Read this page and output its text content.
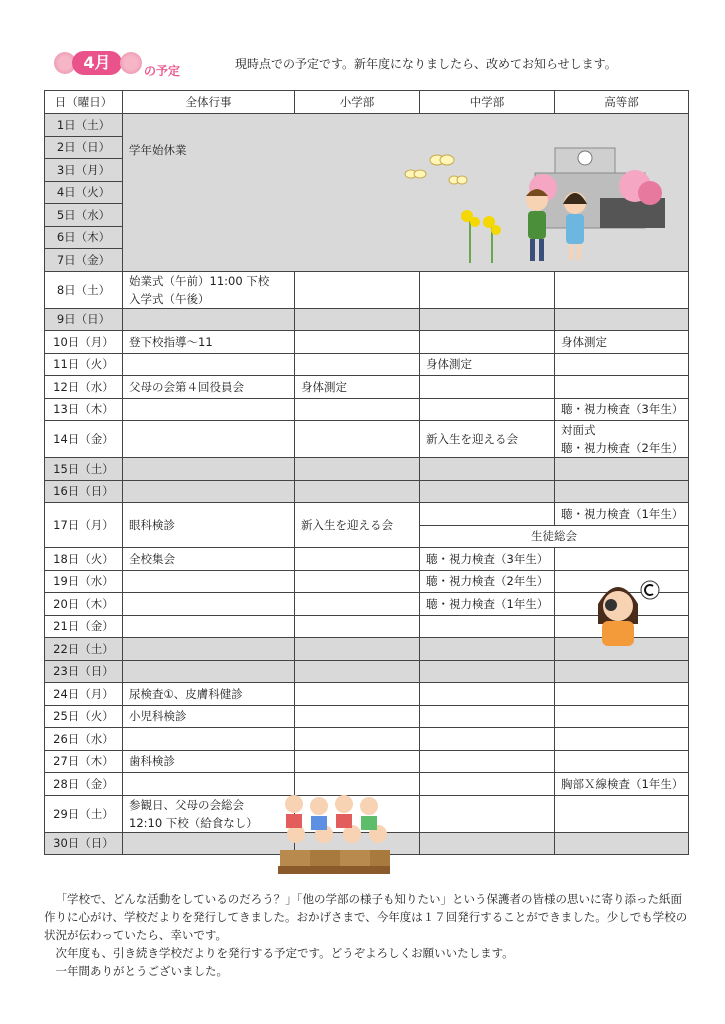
4月	の予定	現時点での予定です。新年度になりましたら、改めてお知らせします。
日（曜日）	全体行事	小学部	中学部	高等部
1日（土）	学年始休業			
2日（日）				
3日（月）				
4日（火）				
5日（水）				
6日（木）				
7日（金）				
8日（土）	始業式（午前）11:00 下校
入学式（午後）			

9日（日）				
10日（月）	登下校指導～11			身体測定
11日（火）			身体測定	
12日（水）	父母の会第４回役員会	身体測定		
13日（木）				聴・視力検査（3年生）
14日（金）			新入生を迎える会	対面式
聴・視力検査（2年生）

15日（土）				
16日（日）				
17日（月）	眼科検診	新入生を迎える会		聴・視力検査（1年生）
			生徒総会	
18日（火）	全校集会		聴・視力検査（3年生）	
19日（水）			聴・視力検査（2年生）	
20日（木）			聴・視力検査（1年生）	
21日（金）				
22日（土）				
23日（日）				
24日（月）	尿検査①、皮膚科健診			
25日（火）	小児科検診			
26日（水）				
27日（木）	歯科検診			
28日（金）				胸部Ｘ線検査（1年生）
29日（土）	参観日、父母の会総会
12:10 下校（給食なし）			

30日（日）				

「学校で、どんな活動をしているのだろう？」「他の学部の様子も知りたい」という保護者の皆様の思いに寄り添った紙面作りに心がけ、学校だよりを発行してきました。おかげさまで、今年度は１７回発行することができました。少しでも学校の状況が伝わっていたら、幸いです。

次年度も、引き続き学校だよりを発行する予定です。どうぞよろしくお願いいたします。

一年間ありがとうございました。
